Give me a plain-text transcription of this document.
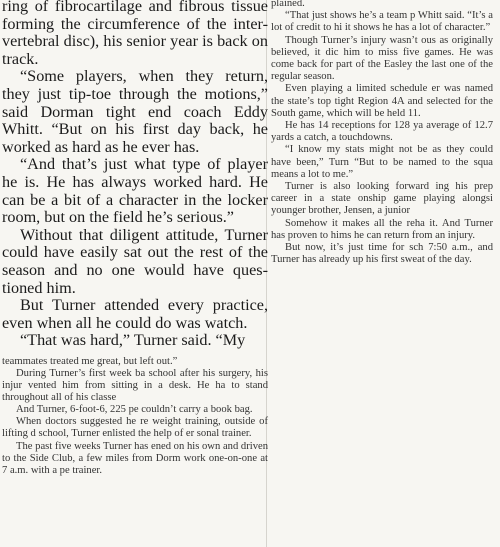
ring of fibrocartilage and fibrous tissue forming the circumference of the inter-vertebral disc), his senior year is back on track.

“Some players, when they return, they just tip-toe through the motions,” said Dorman tight end coach Eddy Whitt. “But on his first day back, he worked as hard as he ever has.

“And that’s just what type of player he is. He has always worked hard. He can be a bit of a character in the locker room, but on the field he’s serious.”

Without that diligent attitude, Turner could have easily sat out the rest of the season and no one would have ques-tioned him.

But Turner attended every practice, even when all he could do was watch.

“That was hard,” Turner said. “My

teammates treated me great, but left out.”

During Turner’s first week ba school after his surgery, his injur vented him from sitting in a desk. He ha to stand throughout all of his classe

And Turner, 6-foot-6, 225 pe couldn’t carry a book bag.

When doctors suggested he re weight training, outside of lifting d school, Turner enlisted the help of er sonal trainer.

The past five weeks Turner has ened on his own and driven to the Side Club, a few miles from Dorm work one-on-one at 7 a.m. with a pe trainer.

plained.

“That just shows he’s a team p Whitt said. “It’s a lot of credit to hi it shows he has a lot of character.”

Though Turner’s injury wasn’t ous as originally believed, it dic him to miss five games. He was come back for part of the Easley the last one of the regular season.

Even playing a limited schedule er was named the state’s top tight Region 4A and selected for the South game, which will be held 11.

He has 14 receptions for 128 ya average of 12.7 yards a catch, a touchdowns.

“I know my stats might not be as they could have been,” Turn “But to be named to the squa means a lot to me.”

Turner is also looking forward ing his prep career in a state onship game playing alongsi younger brother, Jensen, a junior

Somehow it makes all the reha it. And Turner has proven to hims he can return from an injury.

But now, it’s just time for sch 7:50 a.m., and Turner has already up his first sweat of the day.
